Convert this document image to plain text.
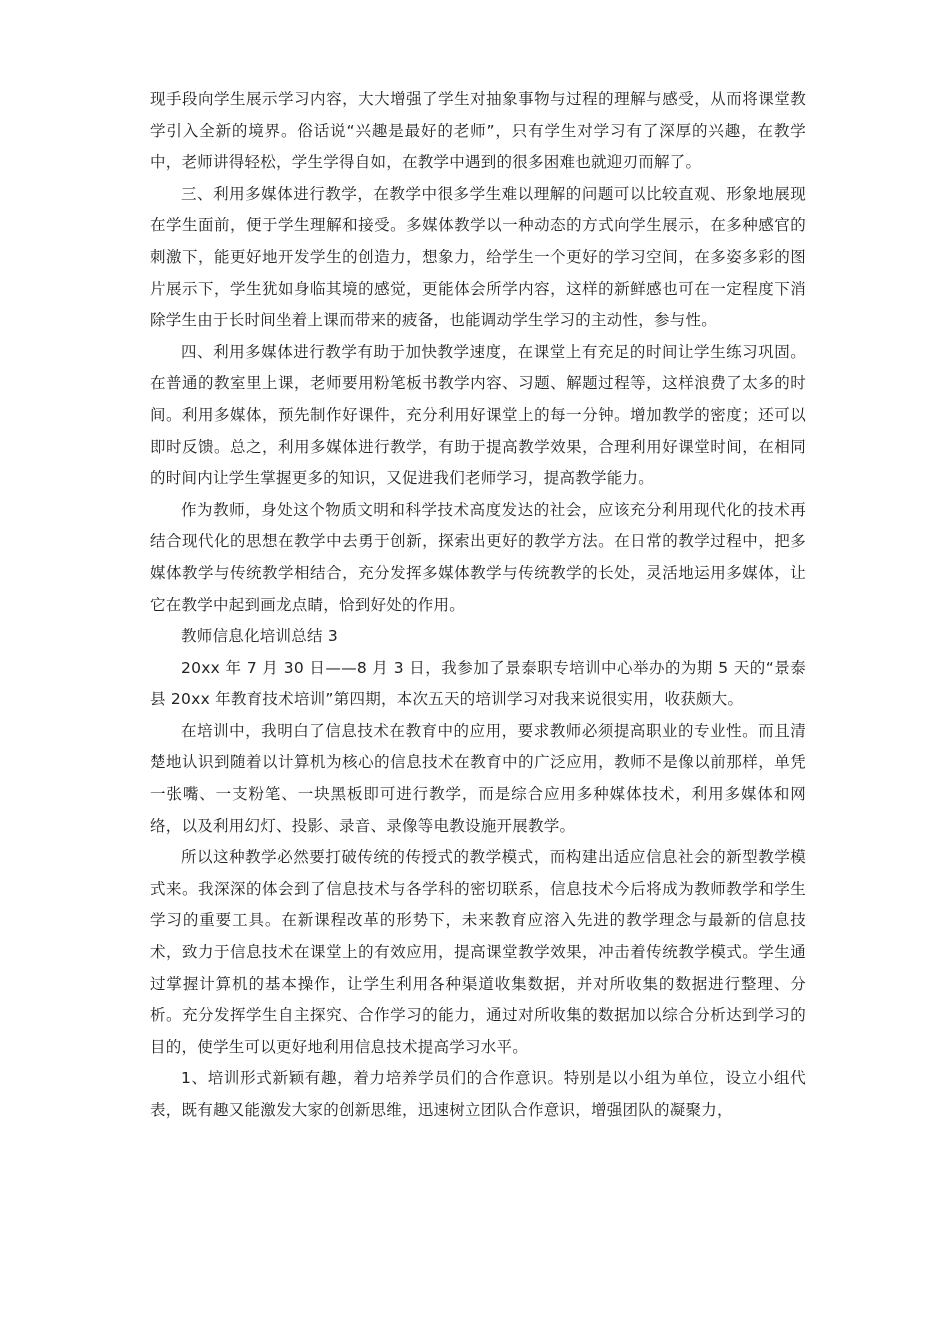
现手段向学生展示学习内容，大大增强了学生对抽象事物与过程的理解与感受，从而将课堂教学引入全新的境界。俗话说“兴趣是最好的老师”，只有学生对学习有了深厚的兴趣，在教学中，老师讲得轻松，学生学得自如，在教学中遇到的很多困难也就迎刃而解了。

三、利用多媒体进行教学，在教学中很多学生难以理解的问题可以比较直观、形象地展现在学生面前，便于学生理解和接受。多媒体教学以一种动态的方式向学生展示，在多种感官的刺激下，能更好地开发学生的创造力，想象力，给学生一个更好的学习空间，在多姿多彩的图片展示下，学生犹如身临其境的感觉，更能体会所学内容，这样的新鲜感也可在一定程度下消除学生由于长时间坐着上课而带来的疲备，也能调动学生学习的主动性，参与性。

四、利用多媒体进行教学有助于加快教学速度，在课堂上有充足的时间让学生练习巩固。在普通的教室里上课，老师要用粉笔板书教学内容、习题、解题过程等，这样浪费了太多的时间。利用多媒体，预先制作好课件，充分利用好课堂上的每一分钟。增加教学的密度；还可以即时反馈。总之，利用多媒体进行教学，有助于提高教学效果，合理利用好课堂时间，在相同的时间内让学生掌握更多的知识，又促进我们老师学习，提高教学能力。

作为教师，身处这个物质文明和科学技术高度发达的社会，应该充分利用现代化的技术再结合现代化的思想在教学中去勇于创新，探索出更好的教学方法。在日常的教学过程中，把多媒体教学与传统教学相结合，充分发挥多媒体教学与传统教学的长处，灵活地运用多媒体，让它在教学中起到画龙点睛，恰到好处的作用。

教师信息化培训总结 3

20xx 年 7 月 30 日——8 月 3 日，我参加了景泰职专培训中心举办的为期 5 天的“景泰县 20xx 年教育技术培训”第四期，本次五天的培训学习对我来说很实用，收获颇大。

在培训中，我明白了信息技术在教育中的应用，要求教师必须提高职业的专业性。而且清楚地认识到随着以计算机为核心的信息技术在教育中的广泛应用，教师不是像以前那样，单凭一张嘴、一支粉笔、一块黑板即可进行教学，而是综合应用多种媒体技术，利用多媒体和网络，以及利用幻灯、投影、录音、录像等电教设施开展教学。

所以这种教学必然要打破传统的传授式的教学模式，而构建出适应信息社会的新型教学模式来。我深深的体会到了信息技术与各学科的密切联系，信息技术今后将成为教师教学和学生学习的重要工具。在新课程改革的形势下，未来教育应溶入先进的教学理念与最新的信息技术，致力于信息技术在课堂上的有效应用，提高课堂教学效果，冲击着传统教学模式。学生通过掌握计算机的基本操作，让学生利用各种渠道收集数据，并对所收集的数据进行整理、分析。充分发挥学生自主探究、合作学习的能力，通过对所收集的数据加以综合分析达到学习的目的，使学生可以更好地利用信息技术提高学习水平。

1、培训形式新颖有趣，着力培养学员们的合作意识。特别是以小组为单位，设立小组代表，既有趣又能激发大家的创新思维，迅速树立团队合作意识，增强团队的凝聚力，
